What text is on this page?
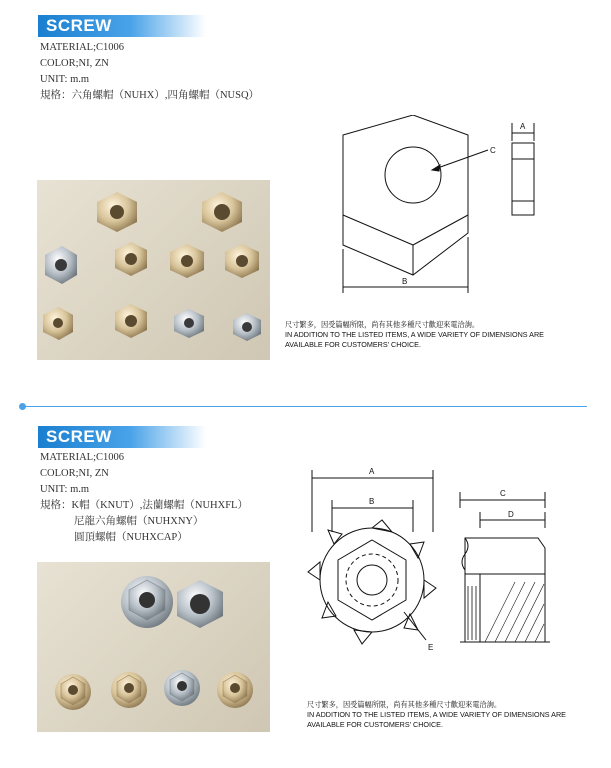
SCREW
MATERIAL;C1006
COLOR;NI, ZN
UNIT: m.m
規格：六角螺帽（NUHX）,四角螺帽（NUSQ）
A
C
B
尺寸繁多，因受篇幅所限，尚有其他多種尺寸歡迎來電洽詢。
IN ADDITION TO THE LISTED ITEMS, A WIDE VARIETY OF DIMENSIONS ARE
AVAILABLE FOR CUSTOMERS' CHOICE.
SCREW
MATERIAL;C1006
COLOR;NI, ZN
UNIT: m.m
規格：K帽（KNUT）,法蘭螺帽（NUHXFL）
尼龍六角螺帽（NUHXNY）
圓頂螺帽（NUHXCAP）
A
B
C
D
E
尺寸繁多，因受篇幅所限，尚有其他多種尺寸歡迎來電洽詢。
IN ADDITION TO THE LISTED ITEMS, A WIDE VARIETY OF DIMENSIONS ARE
AVAILABLE FOR CUSTOMERS' CHOICE.
